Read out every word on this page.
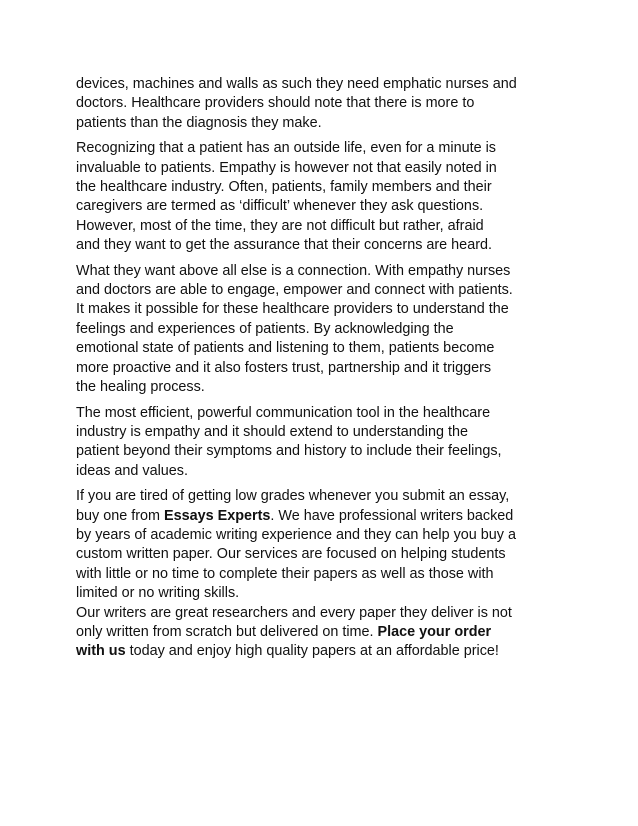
devices, machines and walls as such they need emphatic nurses and
doctors. Healthcare providers should note that there is more to
patients than the diagnosis they make.

Recognizing that a patient has an outside life, even for a minute is
invaluable to patients. Empathy is however not that easily noted in
the healthcare industry. Often, patients, family members and their
caregivers are termed as ‘difficult’ whenever they ask questions.
However, most of the time, they are not difficult but rather, afraid
and they want to get the assurance that their concerns are heard.

What they want above all else is a connection. With empathy nurses
and doctors are able to engage, empower and connect with patients.
It makes it possible for these healthcare providers to understand the
feelings and experiences of patients. By acknowledging the
emotional state of patients and listening to them, patients become
more proactive and it also fosters trust, partnership and it triggers
the healing process.

The most efficient, powerful communication tool in the healthcare
industry is empathy and it should extend to understanding the
patient beyond their symptoms and history to include their feelings,
ideas and values.

If you are tired of getting low grades whenever you submit an essay,
buy one from Essays Experts. We have professional writers backed
by years of academic writing experience and they can help you buy a
custom written paper. Our services are focused on helping students
with little or no time to complete their papers as well as those with
limited or no writing skills.

Our writers are great researchers and every paper they deliver is not
only written from scratch but delivered on time. Place your order
with us today and enjoy high quality papers at an affordable price!
